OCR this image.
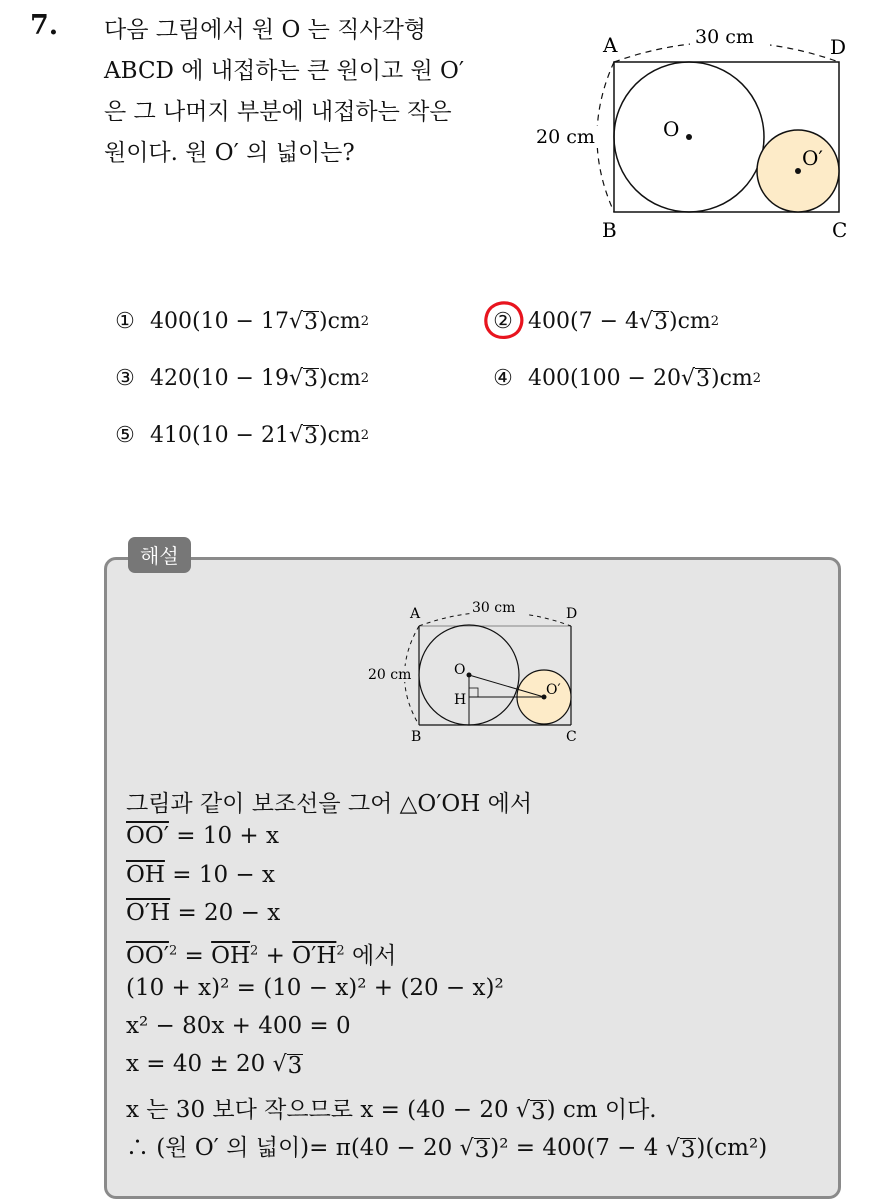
7. 다음 그림에서 원 O 는 직사각형
ABCD 에 내접하는 큰 원이고 원 O′
은 그 나머지 부분에 내접하는 작은
원이다. 원 O′ 의 넓이는?
A	D
B	C
30 cm
20 cm	O
O′
① 400(10 − 17 √ 3 )cm 2	② 400(7 − 4 √ 3 )cm 2
③ 420(10 − 19 √ 3 )cm 2	④ 400(100 − 20 √ 3 )cm 2
⑤ 410(10 − 21 √ 3 )cm 2
해설
A	D
B	C
30 cm
20 cm	O
H
O′
그림과 같이 보조선을 그어 △O′OH 에서
OO′ = 10 + x
$\overline{OH} = 10 - x$
O′H = 20 − x
$OO'^2 = \overline{OH}^2 + O'H^2$ 에서
(10 + x)² = (10 − x)² + (20 − x)²
x² − 80x + 400 = 0
x = 40 ± 20 √ 3
x 는 30 보다 작으므로 x = (40 − 20 √ 3 ) cm 이다.
∴ (원 O′ 의 넓이)= π(40 − 20 √ 3 )² = 400(7 − 4 √ 3 )(cm²)
